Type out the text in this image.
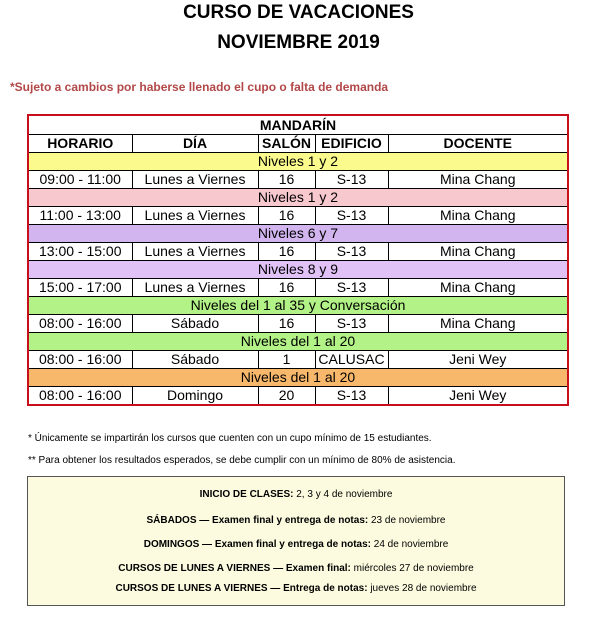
CURSO DE VACACIONES
NOVIEMBRE 2019
*Sujeto a cambios por haberse llenado el cupo o falta de demanda
MANDARÍN				
HORARIO	DÍA	SALÓN	EDIFICIO	DOCENTE
Niveles 1 y 2				
09:00 - 11:00	Lunes a Viernes	16	S-13	Mina Chang
Niveles 1 y 2				
11:00 - 13:00	Lunes a Viernes	16	S-13	Mina Chang
Niveles 6 y 7				
13:00 - 15:00	Lunes a Viernes	16	S-13	Mina Chang
Niveles 8 y 9				
15:00 - 17:00	Lunes a Viernes	16	S-13	Mina Chang
Niveles del 1 al 35 y Conversación				
08:00 - 16:00	Sábado	16	S-13	Mina Chang
Niveles del 1 al 20				
08:00 - 16:00	Sábado	1	CALUSAC	Jeni Wey
Niveles del 1 al 20				
08:00 - 16:00	Domingo	20	S-13	Jeni Wey
* Únicamente se impartirán los cursos que cuenten con un cupo mínimo de 15 estudiantes.
** Para obtener los resultados esperados, se debe cumplir con un mínimo de 80% de asistencia.
INICIO DE CLASES: 2, 3 y 4 de noviembre
SÁBADOS — Examen final y entrega de notas: 23 de noviembre
DOMINGOS — Examen final y entrega de notas: 24 de noviembre
CURSOS DE LUNES A VIERNES — Examen final: miércoles 27 de noviembre
CURSOS DE LUNES A VIERNES — Entrega de notas: jueves 28 de noviembre
